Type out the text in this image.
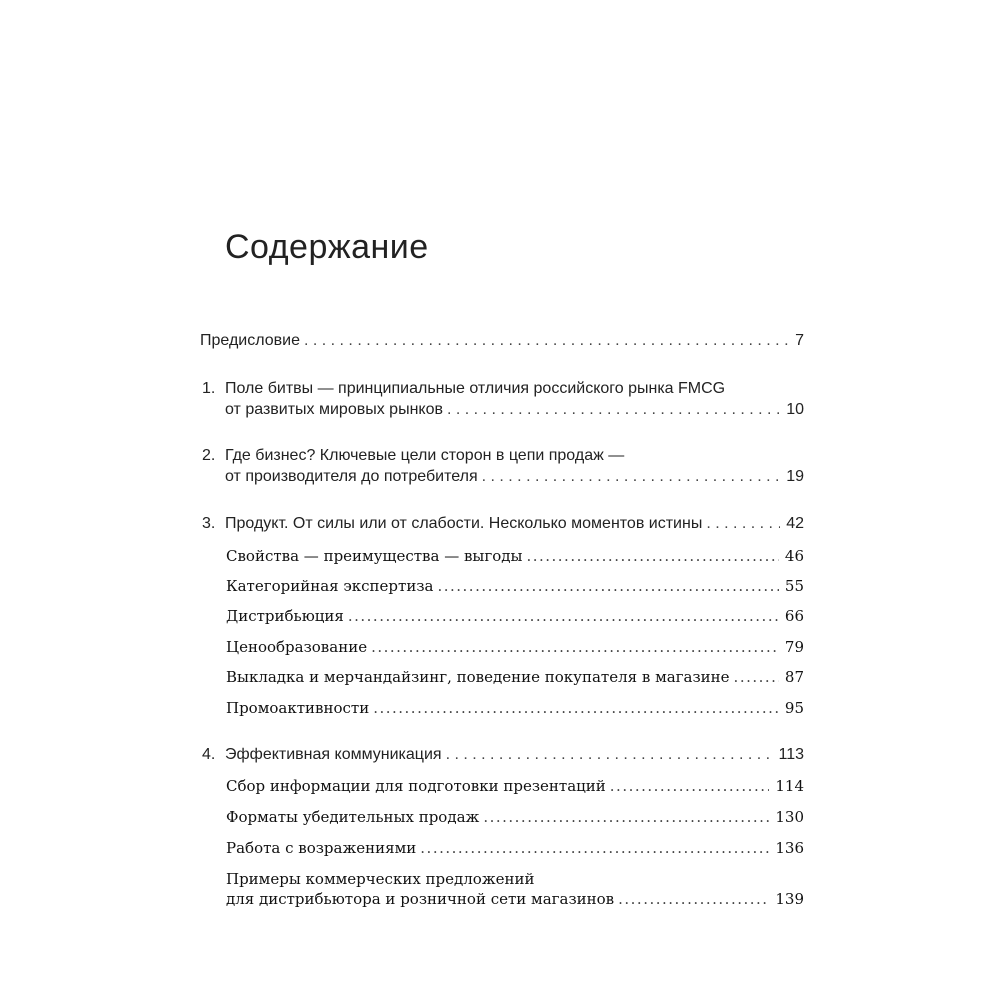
Содержание
Предисловие . . .	7
1. Поле битвы — принципиальные отличия российского рынка FMCG
от развитых мировых рынков . . .	10
2. Где бизнес? Ключевые цели сторон в цепи продаж —
от производителя до потребителя . . .	19
3. Продукт. От силы или от слабости. Несколько моментов истины . . .	42
Свойства — преимущества — выгоды .....	46
Категорийная экспертиза .....	55
Дистрибьюция .....	66
Ценообразование .....	79
Выкладка и мерчандайзинг, поведение покупателя в магазине .....	87
Промоактивности .....	95
4. Эффективная коммуникация . . .	113
Сбор информации для подготовки презентаций .....	114
Форматы убедительных продаж .....	130
Работа с возражениями .....	136
Примеры коммерческих предложений
для дистрибьютора и розничной сети магазинов .....	139
